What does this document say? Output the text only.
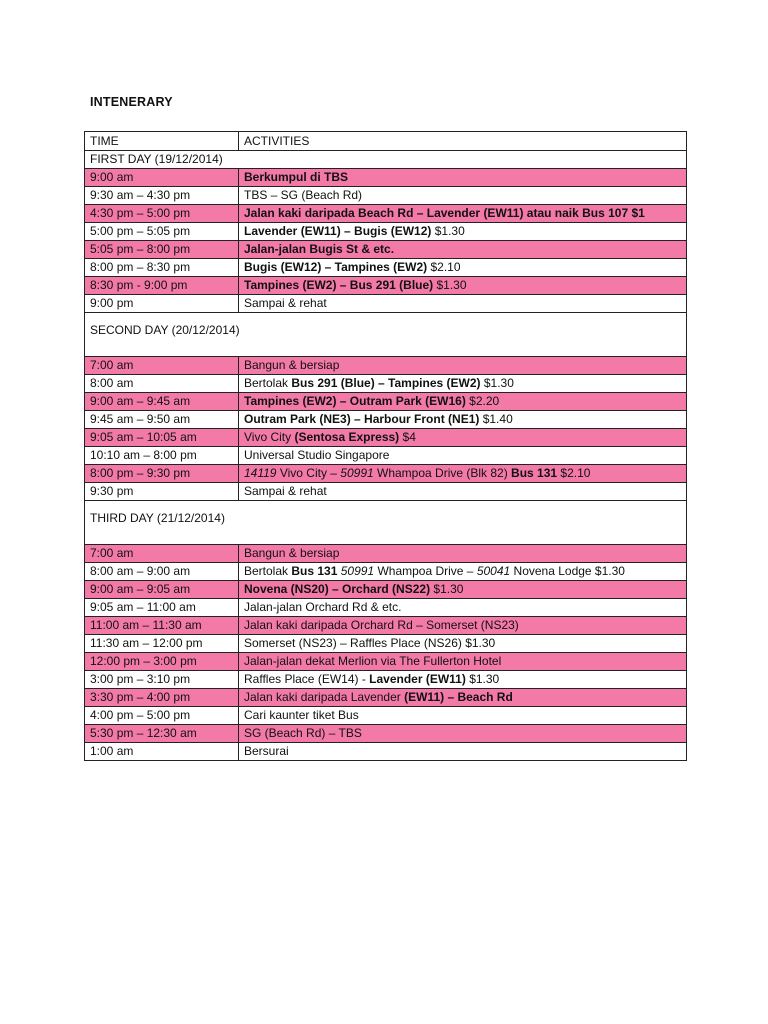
INTENERARY
TIME	ACTIVITIES
FIRST DAY (19/12/2014)	
9:00 am	Berkumpul di TBS
9:30 am – 4:30 pm	TBS – SG (Beach Rd)
4:30 pm – 5:00 pm	Jalan kaki daripada Beach Rd – Lavender (EW11) atau naik Bus 107 $1
5:00 pm – 5:05 pm	Lavender (EW11) – Bugis (EW12) $1.30
5:05 pm – 8:00 pm	Jalan-jalan Bugis St & etc.
8:00 pm – 8:30 pm	Bugis (EW12) – Tampines (EW2) $2.10
8:30 pm - 9:00 pm	Tampines (EW2) – Bus 291 (Blue) $1.30
9:00 pm	Sampai & rehat
SECOND DAY (20/12/2014)	
7:00 am	Bangun & bersiap
8:00 am	Bertolak Bus 291 (Blue) – Tampines (EW2) $1.30
9:00 am – 9:45 am	Tampines (EW2) – Outram Park (EW16) $2.20
9:45 am – 9:50 am	Outram Park (NE3) – Harbour Front (NE1) $1.40
9:05 am – 10:05 am	Vivo City (Sentosa Express) $4
10:10 am – 8:00 pm	Universal Studio Singapore
8:00 pm – 9:30 pm	14119 Vivo City – 50991 Whampoa Drive (Blk 82) Bus 131 $2.10
9:30 pm	Sampai & rehat
THIRD DAY (21/12/2014)	
7:00 am	Bangun & bersiap
8:00 am – 9:00 am	Bertolak Bus 131 50991 Whampoa Drive – 50041 Novena Lodge $1.30
9:00 am – 9:05 am	Novena (NS20) – Orchard (NS22) $1.30
9:05 am – 11:00 am	Jalan-jalan Orchard Rd & etc.
11:00 am – 11:30 am	Jalan kaki daripada Orchard Rd – Somerset (NS23)
11:30 am – 12:00 pm	Somerset (NS23) – Raffles Place (NS26) $1.30
12:00 pm – 3:00 pm	Jalan-jalan dekat Merlion via The Fullerton Hotel
3:00 pm – 3:10 pm	Raffles Place (EW14) - Lavender (EW11) $1.30
3:30 pm – 4:00 pm	Jalan kaki daripada Lavender (EW11) – Beach Rd
4:00 pm – 5:00 pm	Cari kaunter tiket Bus
5:30 pm – 12:30 am	SG (Beach Rd) – TBS
1:00 am	Bersurai
